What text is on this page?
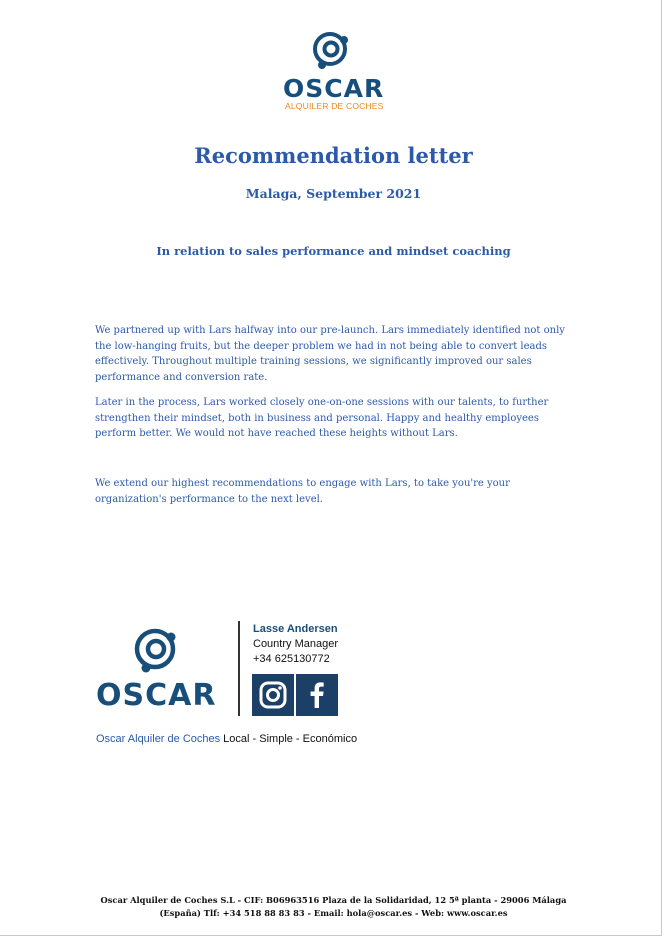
OSCAR
ALQUILER DE COCHES
Recommendation letter
Malaga, September 2021
In relation to sales performance and mindset coaching

We partnered up with Lars halfway into our pre-launch. Lars immediately identified not only the low-hanging fruits, but the deeper problem we had in not being able to convert leads effectively. Throughout multiple training sessions, we significantly improved our sales performance and conversion rate.

Later in the process, Lars worked closely one-on-one sessions with our talents, to further strengthen their mindset, both in business and personal. Happy and healthy employees perform better. We would not have reached these heights without Lars.

We extend our highest recommendations to engage with Lars, to take you're your organization's performance to the next level.

OSCAR
Lasse Andersen
Country Manager
+34 625130772
Oscar Alquiler de Coches Local - Simple - Económico
Oscar Alquiler de Coches S.L - CIF: B06963516 Plaza de la Solidaridad, 12 5ª planta - 29006 Málaga
(España) Tlf: +34 518 88 83 83 - Email: hola@oscar.es - Web: www.oscar.es
